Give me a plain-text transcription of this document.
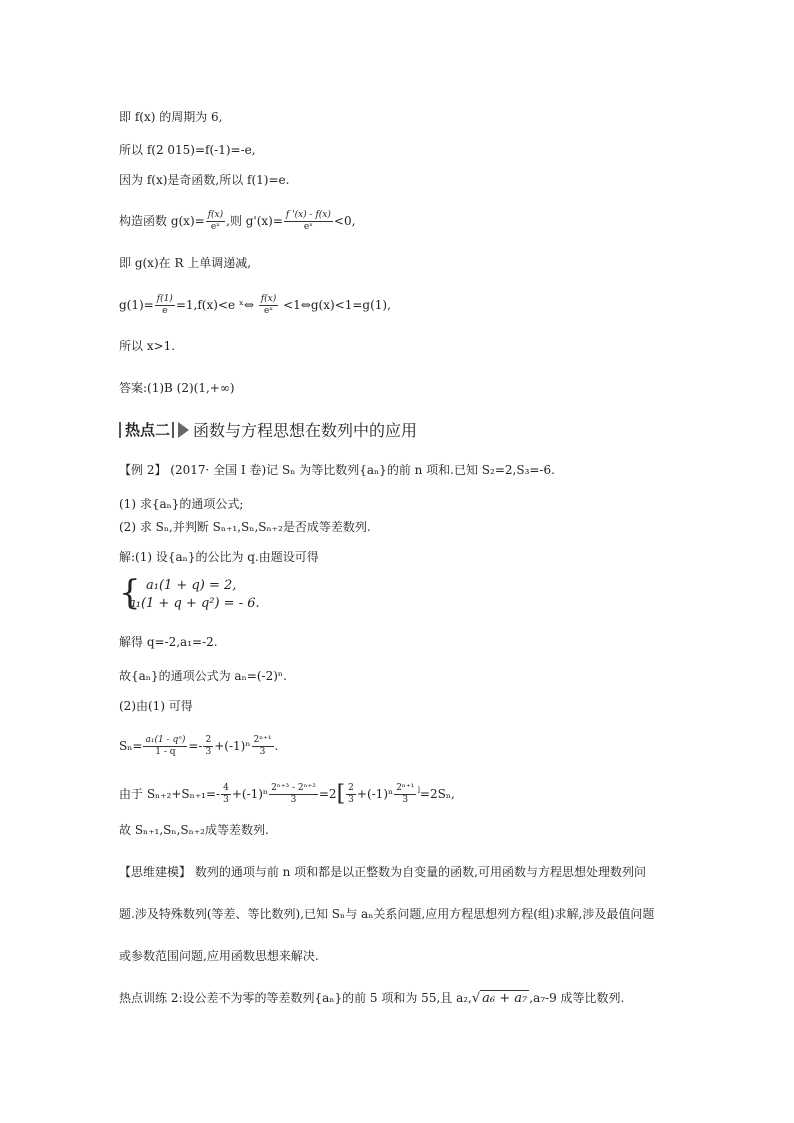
即 f(x) 的周期为 6,
所以 f(2 015)=f(-1)=-e,
因为 f(x)是奇函数,所以 f(1)=e.
构造函数 $g(x)= \frac{f(x)}{\text{eˣ}}$ ,则 $g'(x)= \frac{f '(x) - f(x)}{\text{eˣ}} <0$,
即 g(x)在 R 上单调递减,
$g(1)= \frac{f(1)}{e} =1,f(x)<e$ ˣ⇔ $\frac{f(x)}{\text{eˣ}}$ <1⇔g(x)<1=g(1),
所以 x>1.
答案:(1)B (2)(1,+∞)
热点二 函数与方程思想在数列中的应用
【例 2】 (2017· 全国 Ⅰ 卷)记 Sₙ 为等比数列{aₙ}的前 n 项和.已知 S₂=2,S₃=-6.
(1) 求{aₙ}的通项公式;
(2) 求 Sₙ,并判断 Sₙ₊₁,Sₙ,Sₙ₊₂是否成等差数列.
解:(1) 设{aₙ}的公比为 q.由题设可得
{ a₁(1 + q) = 2,
a₁(1 + q + q²) = - 6.
解得 q=-2,a₁=-2.
故{aₙ}的通项公式为 aₙ=(-2)ⁿ.
(2)由(1) 可得
$S_n= \frac{\text{a₁(1 - qⁿ)}}{1 - q} =- \frac{2}{3} +(-1)^n \frac{\text{2ⁿ⁺¹}}{3}$ .
由于 $S_{n+2}+S_{n+1}=- \frac{4}{3} +(-1)^n \frac{\text{2ⁿ⁺³ - 2ⁿ⁺²}}{3} =2[ \frac{2}{3} +(-1)^n \frac{\text{2ⁿ⁺¹}}{3} ^]=2S_n$,
故 Sₙ₊₁,Sₙ,Sₙ₊₂成等差数列.
【思维建模】 数列的通项与前 n 项和都是以正整数为自变量的函数,可用函数与方程思想处理数列问
题.涉及特殊数列(等差、等比数列),已知 Sₙ与 aₙ关系问题,应用方程思想列方程(组)求解,涉及最值问题
或参数范围问题,应用函数思想来解决.
热点训练 2:设公差不为零的等差数列{aₙ}的前 5 项和为 55,且 a₂,√ a₆ + a₇ ,a₇-9 成等比数列.
